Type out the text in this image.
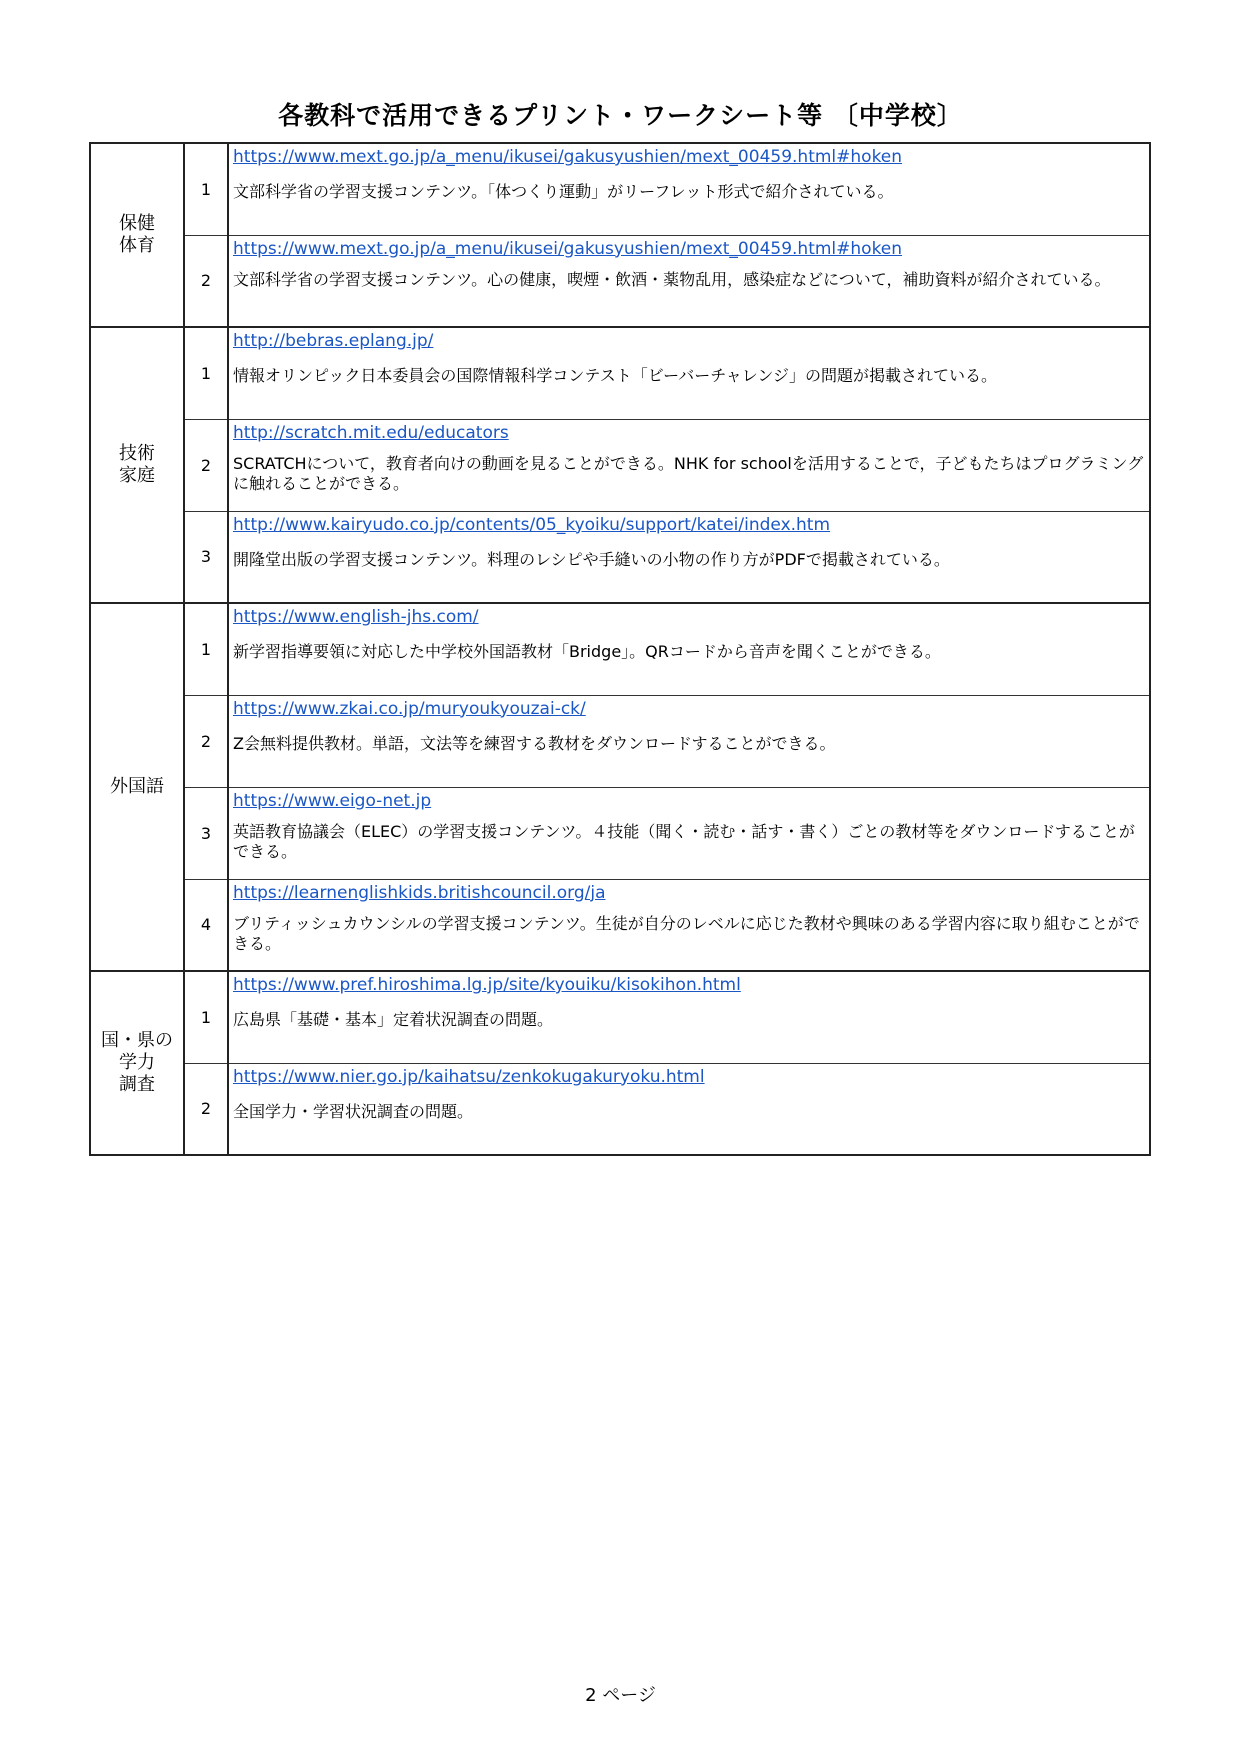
各教科で活用できるプリント・ワークシート等 〔中学校〕
保健
体育	1	https://www.mext.go.jp/a_menu/ikusei/gakusyushien/mext_00459.html#hoken
文部科学省の学習支援コンテンツ。「体つくり運動」がリーフレット形式で紹介されている。

	2	https://www.mext.go.jp/a_menu/ikusei/gakusyushien/mext_00459.html#hoken
文部科学省の学習支援コンテンツ。心の健康，喫煙・飲酒・薬物乱用，感染症などについて，補助資料が紹介されている。

技術
家庭	1	http://bebras.eplang.jp/
情報オリンピック日本委員会の国際情報科学コンテスト「ビーバーチャレンジ」の問題が掲載されている。

	2	http://scratch.mit.edu/educators
SCRATCHについて，教育者向けの動画を見ることができる。NHK for schoolを活用することで，子どもたちはプログラミングに触れることができる。

	3	http://www.kairyudo.co.jp/contents/05_kyoiku/support/katei/index.htm
開隆堂出版の学習支援コンテンツ。料理のレシピや手縫いの小物の作り方がPDFで掲載されている。

外国語	1	https://www.english-jhs.com/
新学習指導要領に対応した中学校外国語教材「Bridge」。QRコードから音声を聞くことができる。

	2	https://www.zkai.co.jp/muryoukyouzai-ck/
Z会無料提供教材。単語，文法等を練習する教材をダウンロードすることができる。

	3	https://www.eigo-net.jp
英語教育協議会（ELEC）の学習支援コンテンツ。４技能（聞く・読む・話す・書く）ごとの教材等をダウンロードすることができる。

	4	https://learnenglishkids.britishcouncil.org/ja
ブリティッシュカウンシルの学習支援コンテンツ。生徒が自分のレベルに応じた教材や興味のある学習内容に取り組むことができる。

国・県の
学力
調査	1	https://www.pref.hiroshima.lg.jp/site/kyouiku/kisokihon.html
広島県「基礎・基本」定着状況調査の問題。

	2	https://www.nier.go.jp/kaihatsu/zenkokugakuryoku.html
全国学力・学習状況調査の問題。
2 ページ
